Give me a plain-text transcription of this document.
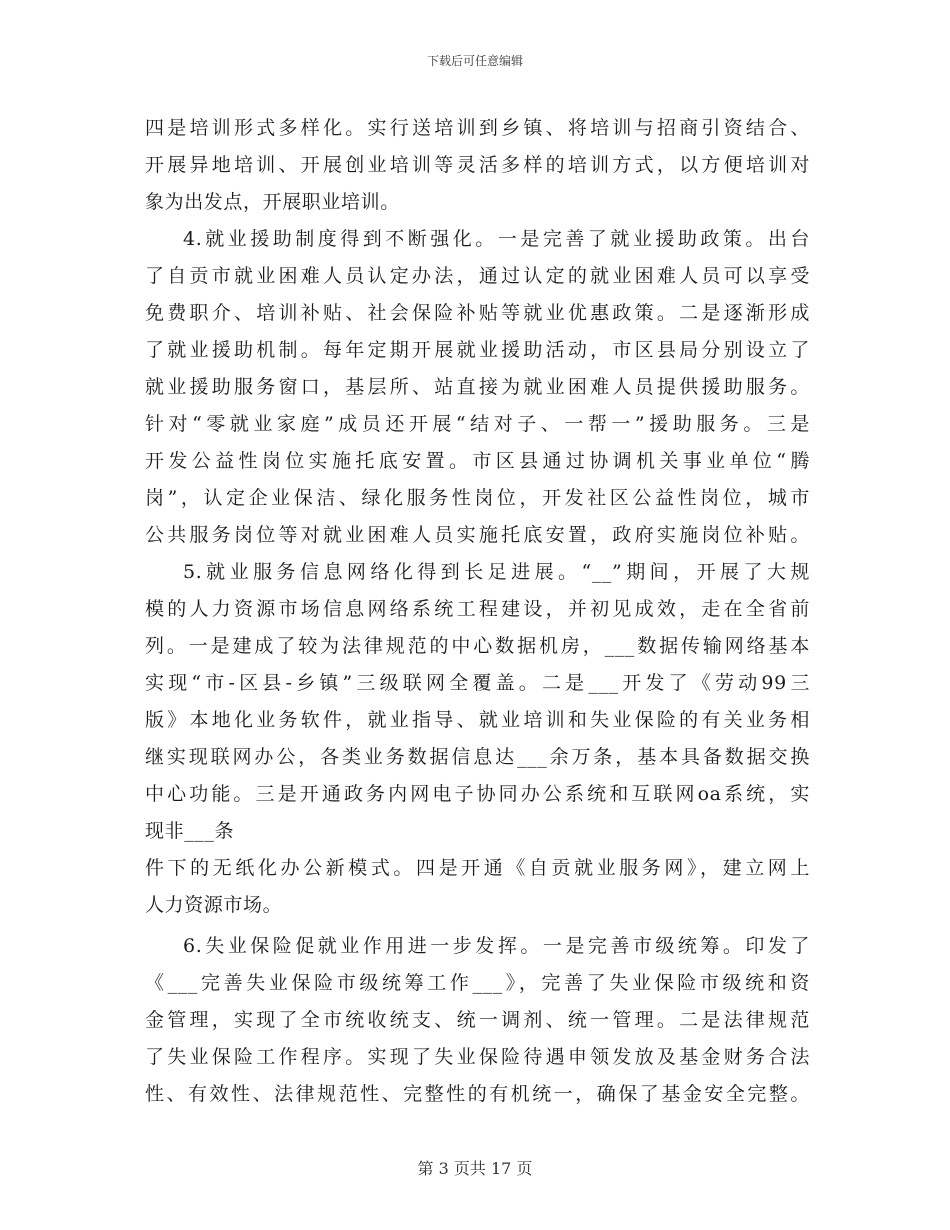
下载后可任意编辑
四是培训形式多样化。实行送培训到乡镇、将培训与招商引资结合、
开展异地培训、开展创业培训等灵活多样的培训方式，以方便培训对
象为出发点，开展职业培训。
4.就业援助制度得到不断强化。一是完善了就业援助政策。出台
了自贡市就业困难人员认定办法，通过认定的就业困难人员可以享受
免费职介、培训补贴、社会保险补贴等就业优惠政策。二是逐渐形成
了就业援助机制。每年定期开展就业援助活动，市区县局分别设立了
就业援助服务窗口，基层所、站直接为就业困难人员提供援助服务。
针对“零就业家庭”成员还开展“结对子、一帮一”援助服务。三是
开发公益性岗位实施托底安置。市区县通过协调机关事业单位“腾
岗”，认定企业保洁、绿化服务性岗位，开发社区公益性岗位，城市
公共服务岗位等对就业困难人员实施托底安置，政府实施岗位补贴。
5.就业服务信息网络化得到长足进展。“__”期间，开展了大规
模的人力资源市场信息网络系统工程建设，并初见成效，走在全省前
列。一是建成了较为法律规范的中心数据机房，___数据传输网络基本
实现“市-区县-乡镇”三级联网全覆盖。二是___开发了《劳动99三
版》本地化业务软件，就业指导、就业培训和失业保险的有关业务相
继实现联网办公，各类业务数据信息达___余万条，基本具备数据交换
中心功能。三是开通政务内网电子协同办公系统和互联网oa系统，实
现非___条
件下的无纸化办公新模式。四是开通《自贡就业服务网》，建立网上
人力资源市场。
6.失业保险促就业作用进一步发挥。一是完善市级统筹。印发了
《___完善失业保险市级统筹工作___》，完善了失业保险市级统和资
金管理，实现了全市统收统支、统一调剂、统一管理。二是法律规范
了失业保险工作程序。实现了失业保险待遇申领发放及基金财务合法
性、有效性、法律规范性、完整性的有机统一，确保了基金安全完整。
第 3 页共 17 页
